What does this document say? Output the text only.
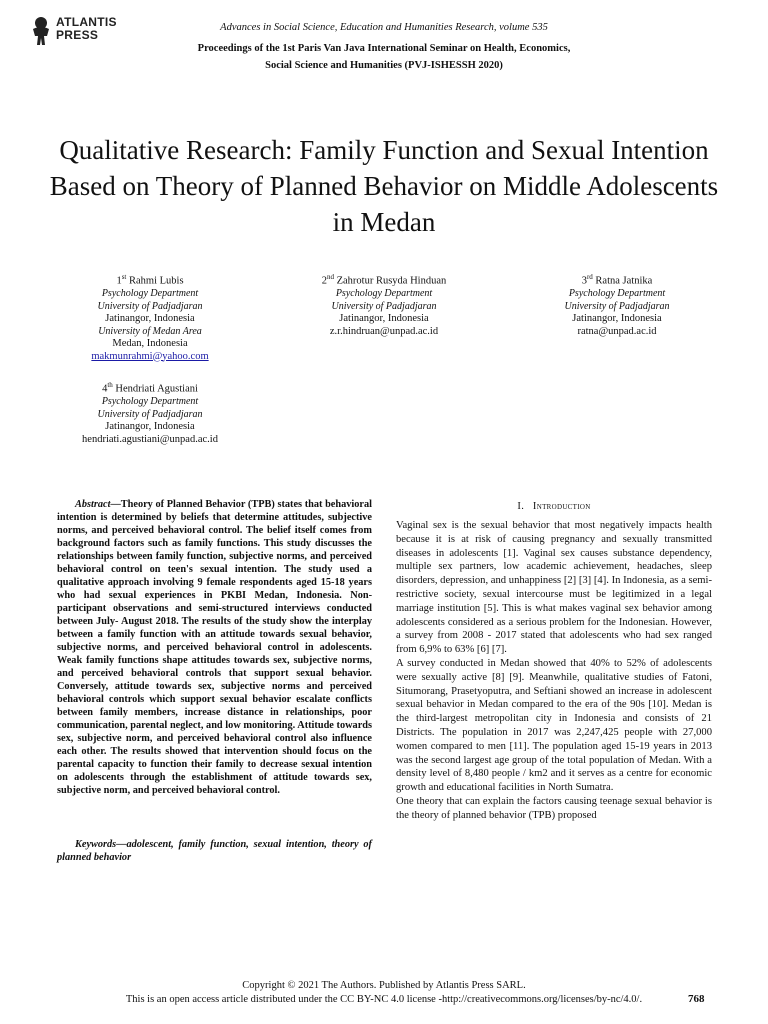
ATLANTIS
PRESS
Advances in Social Science, Education and Humanities Research, volume 535
Proceedings of the 1st Paris Van Java International Seminar on Health, Economics,
Social Science and Humanities (PVJ-ISHESSH 2020)
Qualitative Research: Family Function and Sexual Intention Based on Theory of Planned Behavior on Middle Adolescents in Medan
1st Rahmi Lubis
Psychology Department
University of Padjadjaran
Jatinangor, Indonesia
University of Medan Area
Medan, Indonesia
makmunrahmi@yahoo.com
2nd Zahrotur Rusyda Hinduan
Psychology Department
University of Padjadjaran
Jatinangor, Indonesia
z.r.hindruan@unpad.ac.id
3rd Ratna Jatnika
Psychology Department
University of Padjadjaran
Jatinangor, Indonesia
ratna@unpad.ac.id
4th Hendriati Agustiani
Psychology Department
University of Padjadjaran
Jatinangor, Indonesia
hendriati.agustiani@unpad.ac.id
Abstract—Theory of Planned Behavior (TPB) states that behavioral intention is determined by beliefs that determine attitudes, subjective norms, and perceived behavioral control. The belief itself comes from background factors such as family functions. This study discusses the relationships between family function, subjective norms, and perceived behavioral control on teen's sexual intention. The study used a qualitative approach involving 9 female respondents aged 15-18 years who had sexual experiences in PKBI Medan, Indonesia. Non-participant observations and semi-structured interviews conducted between July- August 2018. The results of the study show the interplay between a family function with an attitude towards sexual behavior, subjective norms, and perceived behavioral control in adolescents. Weak family functions shape attitudes towards sex, subjective norms, and perceived behavioral controls that support sexual behavior. Conversely, attitude towards sex, subjective norms and perceived behavioral controls which support sexual behavior escalate conflicts between family members, increase distance in relationships, poor communication, parental neglect, and low monitoring. Attitude towards sex, subjective norm, and perceived behavioral control also influence each other. The results showed that intervention should focus on the parental capacity to function their family to decrease sexual intention on adolescents through the establishment of attitude towards sex, subjective norm, and perceived behavioral control.
Keywords—adolescent, family function, sexual intention, theory of planned behavior
I. Introduction

Vaginal sex is the sexual behavior that most negatively impacts health because it is at risk of causing pregnancy and sexually transmitted diseases in adolescents [1]. Vaginal sex causes substance dependency, multiple sex partners, low academic achievement, headaches, sleep disorders, depression, and unhappiness [2] [3] [4]. In Indonesia, as a semi-restrictive society, sexual intercourse must be legitimized in a legal marriage institution [5]. This is what makes vaginal sex behavior among adolescents considered as a serious problem for the Indonesian. However, a survey from 2008 - 2017 stated that adolescents who had sex ranged from 6,9% to 63% [6] [7].

A survey conducted in Medan showed that 40% to 52% of adolescents were sexually active [8] [9]. Meanwhile, qualitative studies of Fatoni, Situmorang, Prasetyoputra, and Seftiani showed an increase in adolescent sexual behavior in Medan compared to the era of the 90s [10]. Medan is the third-largest metropolitan city in Indonesia and consists of 21 Districts. The population in 2017 was 2,247,425 people with 27,000 women compared to men [11]. The population aged 15-19 years in 2013 was the second largest age group of the total population of Medan. With a density level of 8,480 people / km2 and it serves as a centre for economic growth and educational facilities in North Sumatra.

One theory that can explain the factors causing teenage sexual behavior is the theory of planned behavior (TPB) proposed

Copyright © 2021 The Authors. Published by Atlantis Press SARL.
This is an open access article distributed under the CC BY-NC 4.0 license -http://creativecommons.org/licenses/by-nc/4.0/.	768
